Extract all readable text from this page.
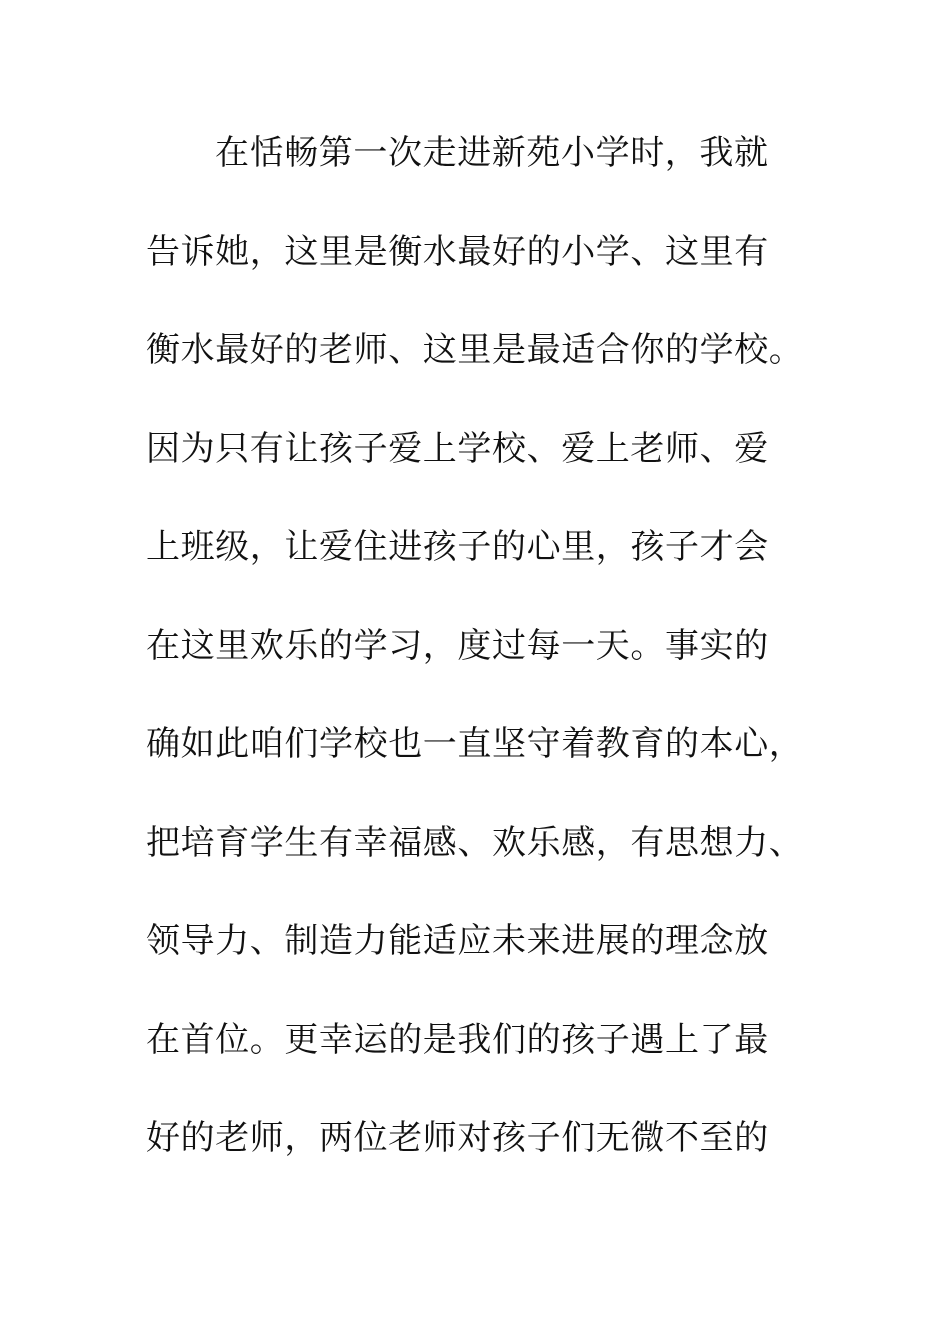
在恬畅第一次走进新苑小学时，我就
告诉她，这里是衡水最好的小学、这里有
衡水最好的老师、这里是最适合你的学校。
因为只有让孩子爱上学校、爱上老师、爱
上班级，让爱住进孩子的心里，孩子才会
在这里欢乐的学习，度过每一天。事实的
确如此咱们学校也一直坚守着教育的本心，
把培育学生有幸福感、欢乐感，有思想力、
领导力、制造力能适应未来进展的理念放
在首位。更幸运的是我们的孩子遇上了最
好的老师，两位老师对孩子们无微不至的
